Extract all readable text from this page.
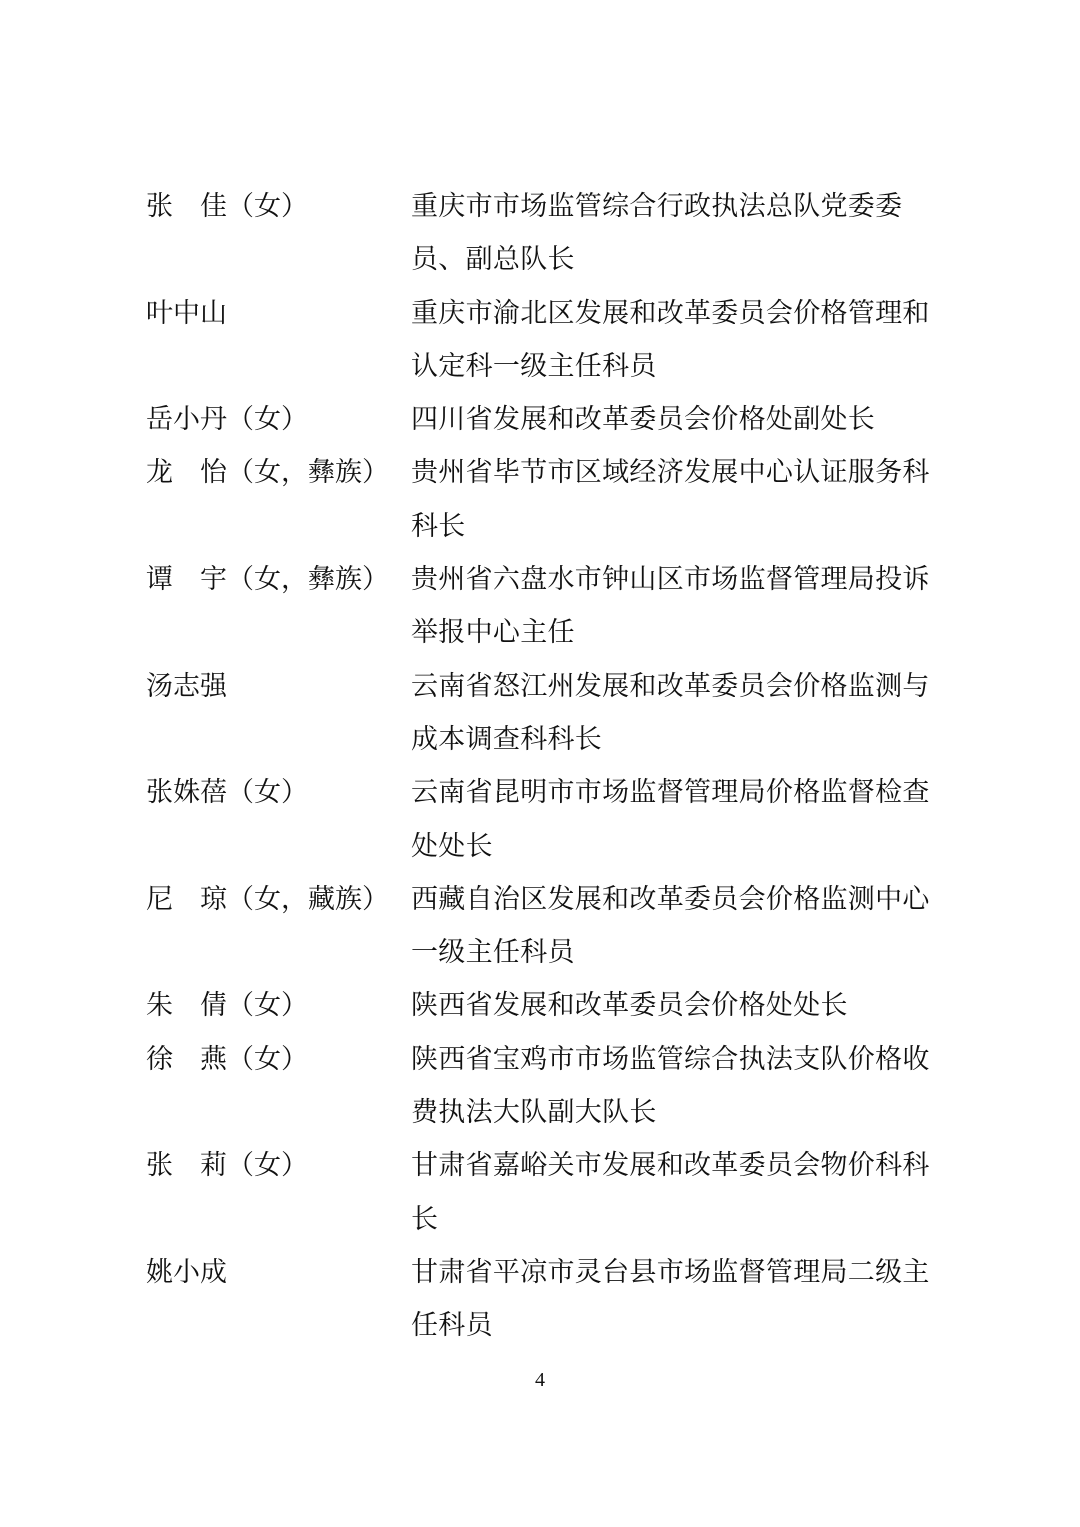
张　佳（女）	重庆市市场监管综合行政执法总队党委委员、副总队长
叶中山	重庆市渝北区发展和改革委员会价格管理和认定科一级主任科员
岳小丹（女）	四川省发展和改革委员会价格处副处长
龙　怡（女，彝族） 贵州省毕节市区域经济发展中心认证服务科科长
谭　宇（女，彝族） 贵州省六盘水市钟山区市场监督管理局投诉举报中心主任
汤志强	云南省怒江州发展和改革委员会价格监测与成本调查科科长
张姝蓓（女）	云南省昆明市市场监督管理局价格监督检查处处长
尼　琼（女，藏族） 西藏自治区发展和改革委员会价格监测中心一级主任科员
朱　倩（女）	陕西省发展和改革委员会价格处处长
徐　燕（女）	陕西省宝鸡市市场监管综合执法支队价格收费执法大队副大队长
张　莉（女）	甘肃省嘉峪关市发展和改革委员会物价科科长
姚小成	甘肃省平凉市灵台县市场监督管理局二级主任科员
4
